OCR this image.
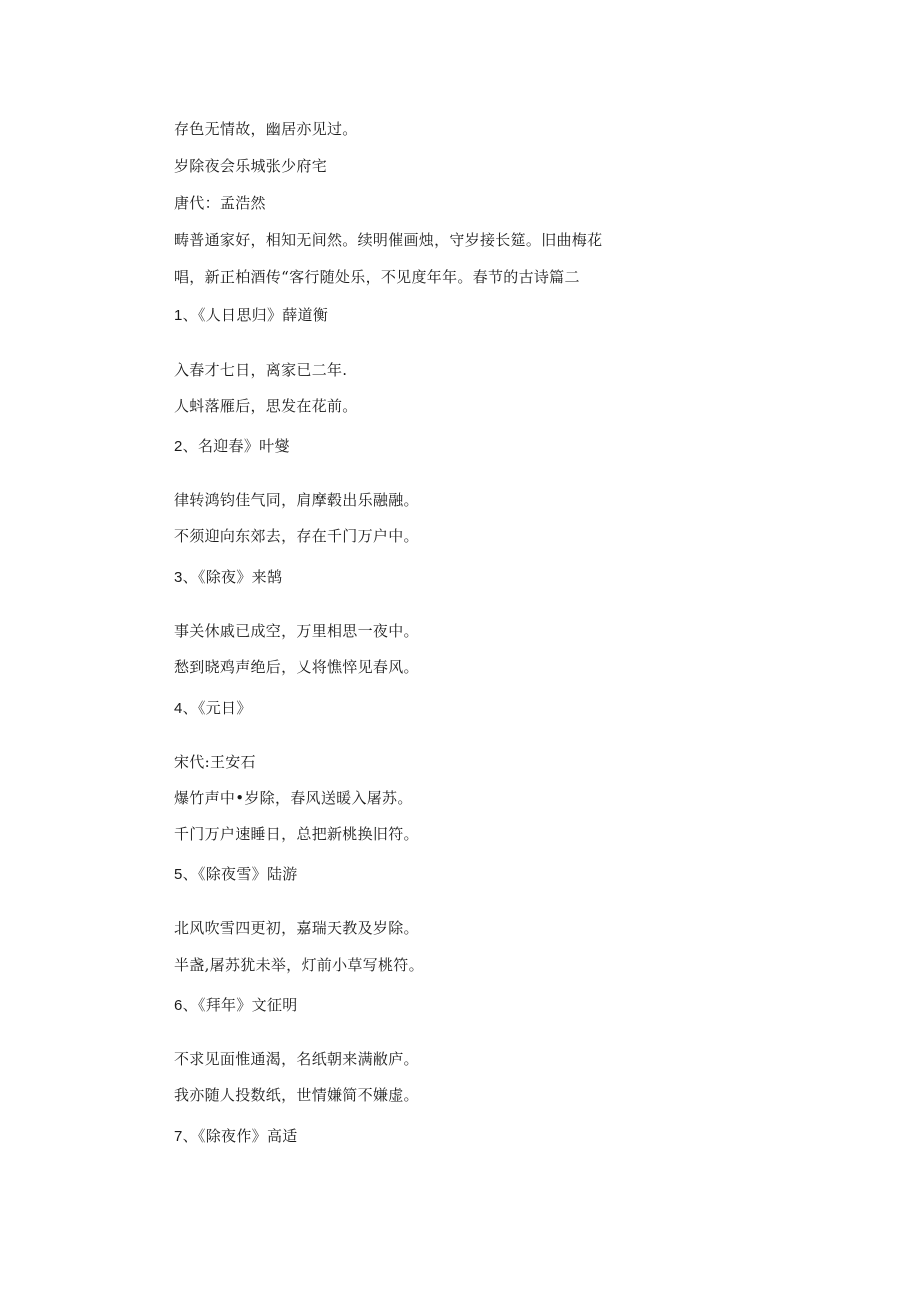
存色无情故，幽居亦见过。
岁除夜会乐城张少府宅
唐代：孟浩然
畴普通家好，相知无间然。续明催画烛，守岁接长筵。旧曲梅花
唱，新正柏酒传“客行随处乐，不见度年年。春节的古诗篇二
1、《人日思归》薛道衡
入春才七日，离家已二年.
人蚪落雁后，思发在花前。
2、名迎春》叶燮
律转鸿钧佳气同，肩摩毂出乐融融。
不须迎向东郊去，存在千门万户中。
3、《除夜》来鹄
事关休戚已成空，万里相思一夜中。
愁到晓鸡声绝后，乂将憔悴见春风。
4、《元日》
宋代:王安石
爆竹声中•岁除，春风送暖入屠苏。
千门万户速睡日，总把新桃换旧符。
5、《除夜雪》陆游
北风吹雪四更初，嘉瑞天教及岁除。
半盏,屠苏犹未举，灯前小草写桃符。
6、《拜年》文征明
不求见面惟通渴，名纸朝来满敝庐。
我亦随人投数纸，世情嫌简不嫌虚。
7、《除夜作》高适
